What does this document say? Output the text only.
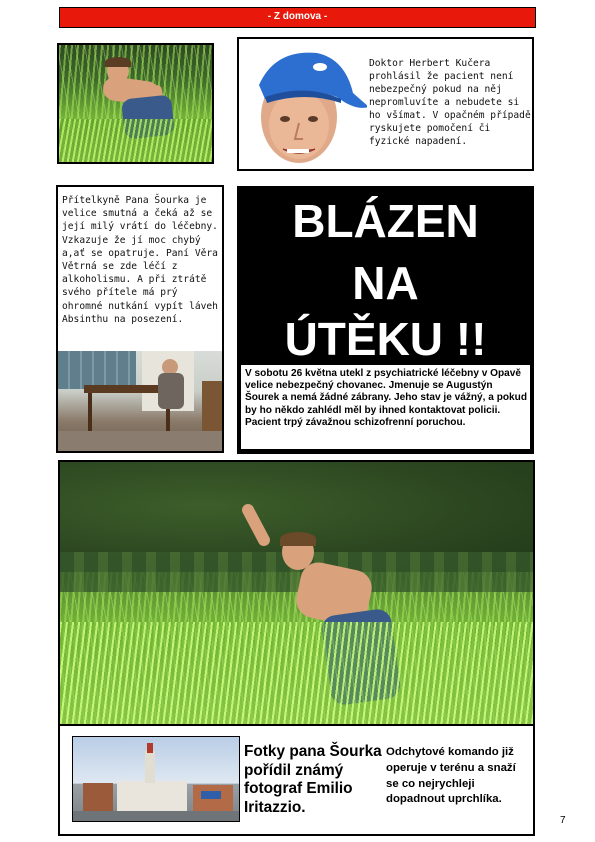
- Z domova -
Doktor Herbert Kučera prohlásil že pacient není nebezpečný pokud na něj nepromluvíte a nebudete si ho všímat. V opačném případě ryskujete pomočení či fyzické napadení.
Přítelkyně Pana Šourka je velice smutná a čeká až se její milý vrátí do léčebny. Vzkazuje že jí moc chybý a,ať se opatruje. Paní Věra Větrná se zde léčí z alkoholismu. A při ztrátě svého přítele má prý ohromné nutkání vypít láveh Absinthu na posezení.
BLÁZEN
NA
ÚTĚKU !!
V sobotu 26 května utekl z psychiatrické léčebny v Opavě velice nebezpečný chovanec. Jmenuje se Augustýn Šourek a nemá žádné zábrany. Jeho stav je vážný, a pokud by ho někdo zahlédl měl by ihned kontaktovat policii. Pacient trpý závažnou schizofrenní poruchou.
Fotky pana Šourka pořídil známý fotograf Emilio Iritazzio.
Odchytové komando již operuje v terénu a snaží se co nejrychleji dopadnout uprchlíka.
7
